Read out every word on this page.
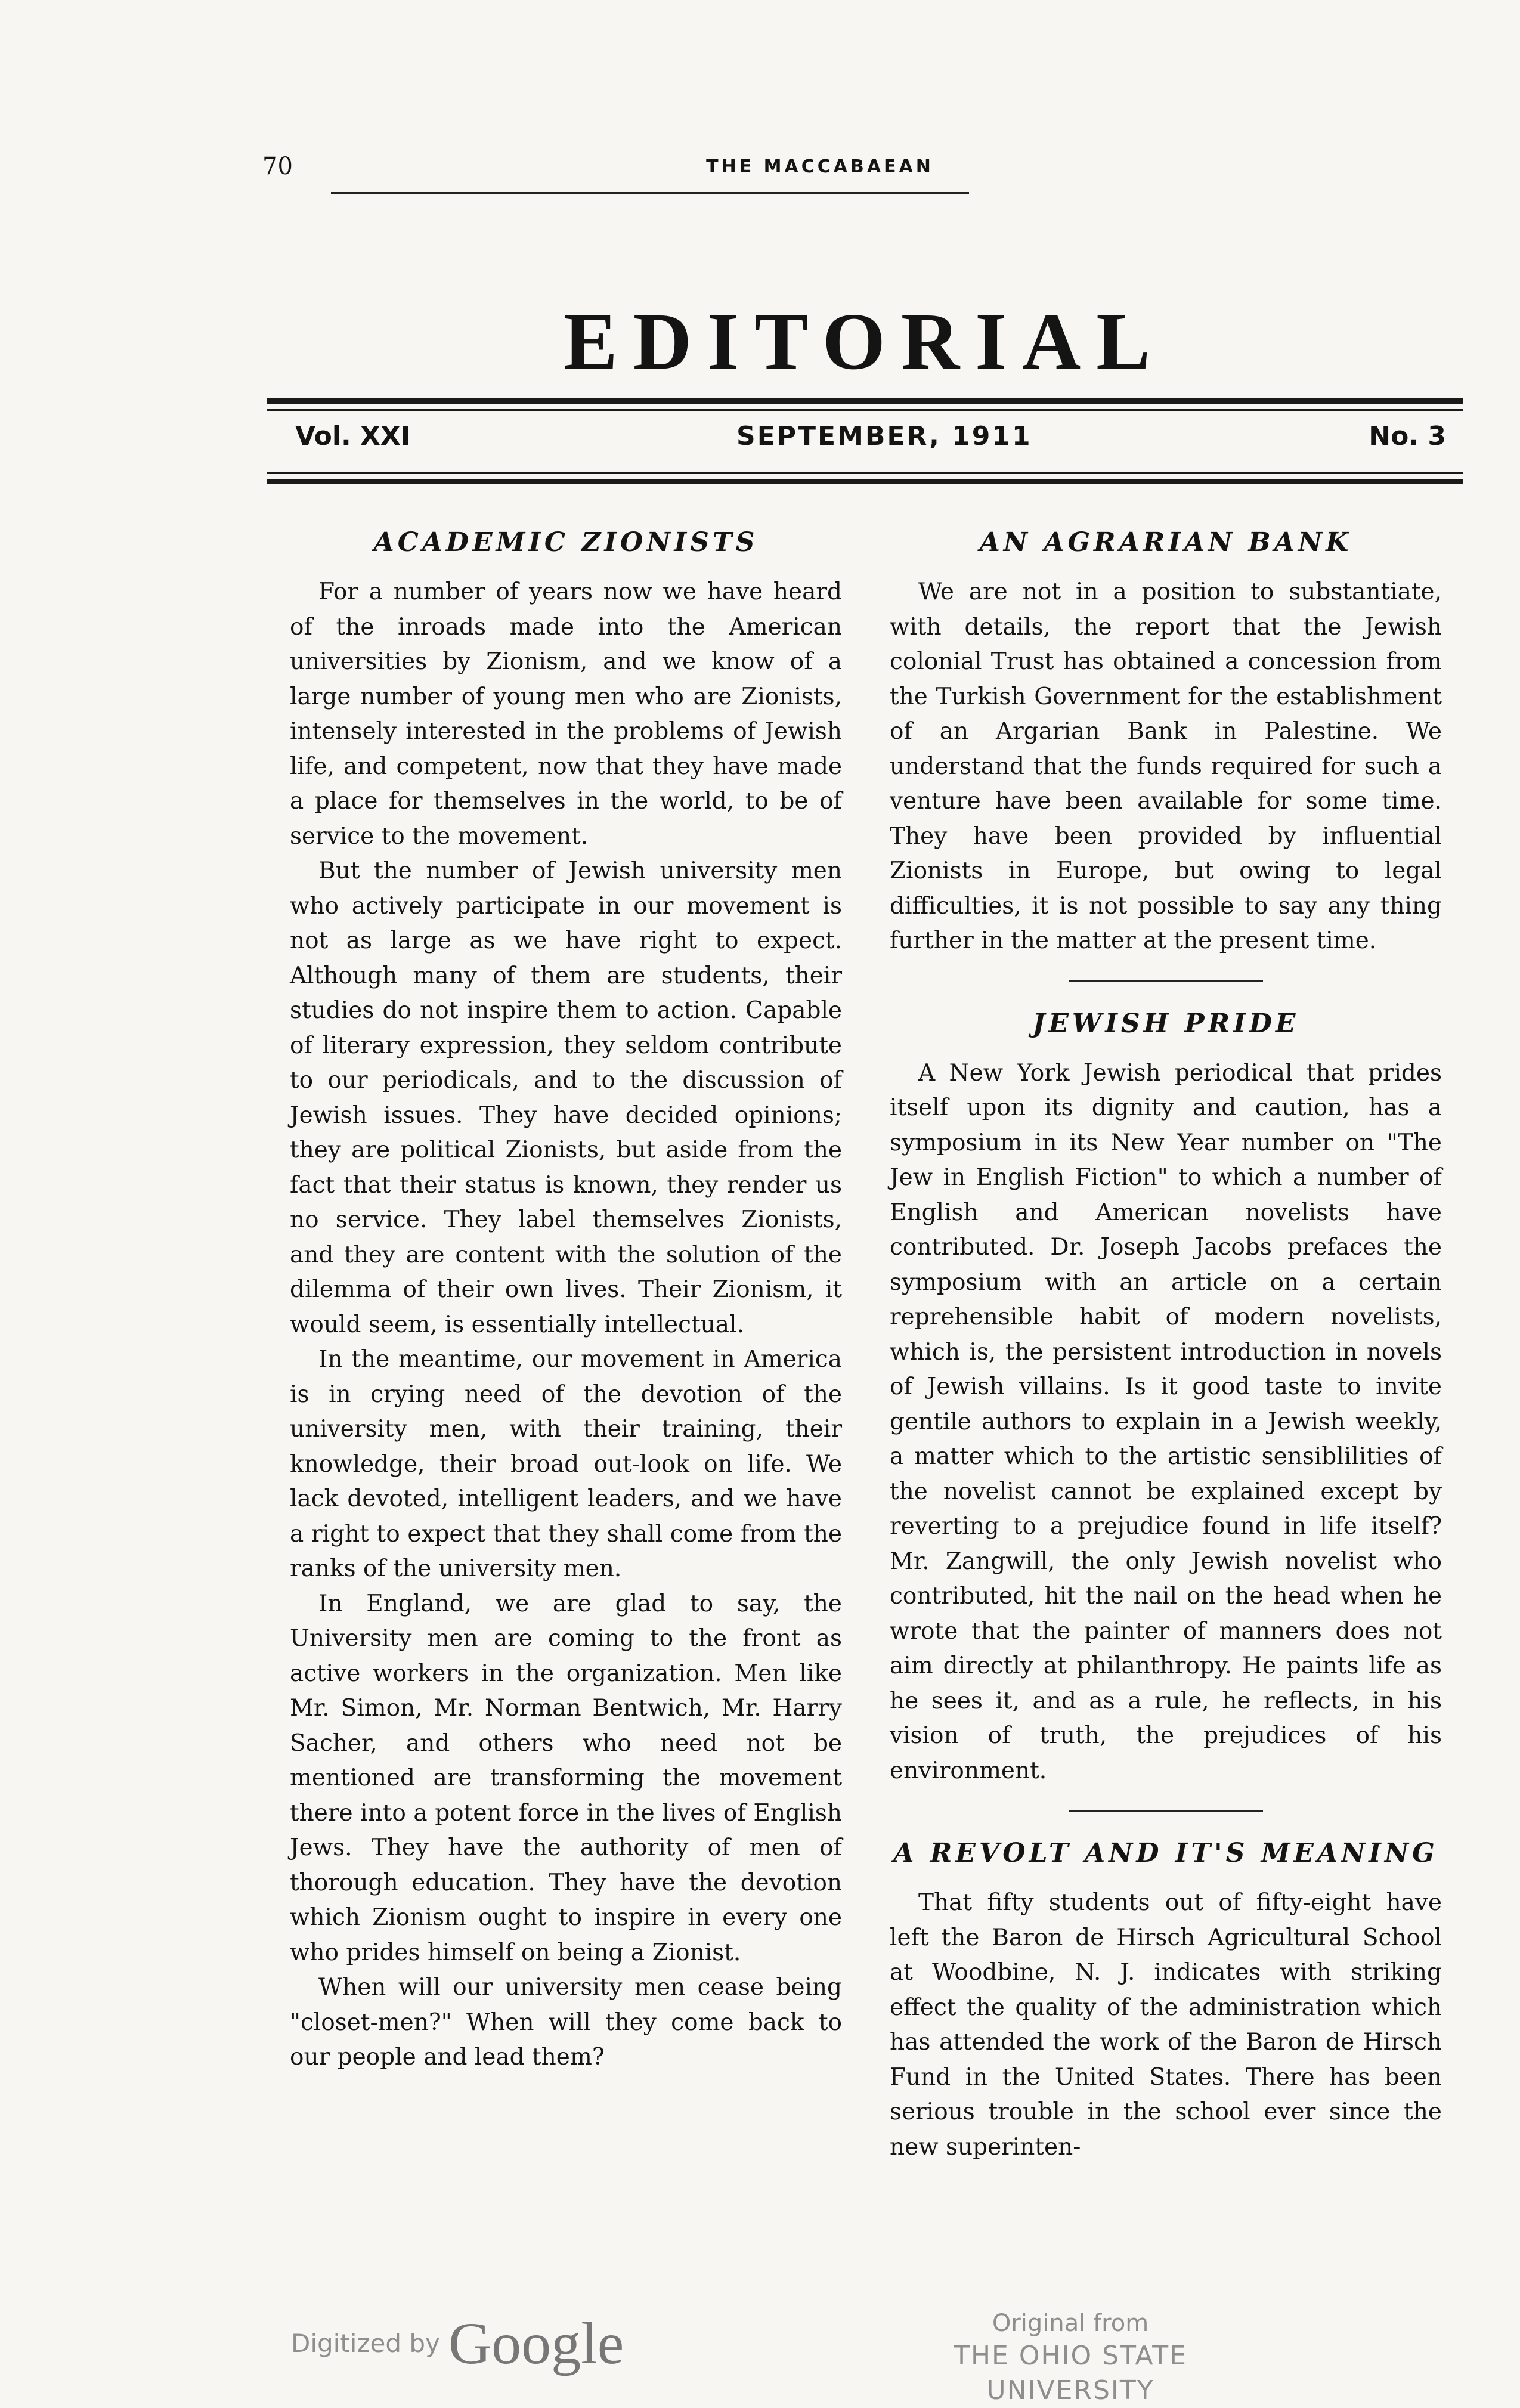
70	THE MACCABAEAN
EDITORIAL
Vol. XXI	SEPTEMBER, 1911	No. 3
ACADEMIC ZIONISTS

For a number of years now we have heard of the inroads made into the American universities by Zionism, and we know of a large number of young men who are Zionists, intensely interested in the problems of Jewish life, and competent, now that they have made a place for themselves in the world, to be of service to the movement.

But the number of Jewish university men who actively participate in our movement is not as large as we have right to expect. Although many of them are students, their studies do not inspire them to action. Capable of literary expression, they seldom contribute to our periodicals, and to the discussion of Jewish issues. They have decided opinions; they are political Zionists, but aside from the fact that their status is known, they render us no service. They label themselves Zionists, and they are content with the solution of the dilemma of their own lives. Their Zionism, it would seem, is essentially intellectual.

In the meantime, our movement in America is in crying need of the devotion of the university men, with their training, their knowledge, their broad out-look on life. We lack devoted, intelligent leaders, and we have a right to expect that they shall come from the ranks of the university men.

In England, we are glad to say, the University men are coming to the front as active workers in the organization. Men like Mr. Simon, Mr. Norman Bentwich, Mr. Harry Sacher, and others who need not be mentioned are transforming the movement there into a potent force in the lives of English Jews. They have the authority of men of thorough education. They have the devotion which Zionism ought to inspire in every one who prides himself on being a Zionist.

When will our university men cease being "closet-men?" When will they come back to our people and lead them?

AN AGRARIAN BANK

We are not in a position to substantiate, with details, the report that the Jewish colonial Trust has obtained a concession from the Turkish Government for the establishment of an Argarian Bank in Palestine. We understand that the funds required for such a venture have been available for some time. They have been provided by influential Zionists in Europe, but owing to legal difficulties, it is not possible to say any thing further in the matter at the present time.

JEWISH PRIDE

A New York Jewish periodical that prides itself upon its dignity and caution, has a symposium in its New Year number on "The Jew in English Fiction" to which a number of English and American novelists have contributed. Dr. Joseph Jacobs prefaces the symposium with an article on a certain reprehensible habit of modern novelists, which is, the persistent introduction in novels of Jewish villains. Is it good taste to invite gentile authors to explain in a Jewish weekly, a matter which to the artistic sensiblilities of the novelist cannot be explained except by reverting to a prejudice found in life itself? Mr. Zangwill, the only Jewish novelist who contributed, hit the nail on the head when he wrote that the painter of manners does not aim directly at philanthropy. He paints life as he sees it, and as a rule, he reflects, in his vision of truth, the prejudices of his environment.

A REVOLT AND IT'S MEANING

That fifty students out of fifty-eight have left the Baron de Hirsch Agricultural School at Woodbine, N. J. indicates with striking effect the quality of the administration which has attended the work of the Baron de Hirsch Fund in the United States. There has been serious trouble in the school ever since the new superinten-

Digitized by Google	Original from
THE OHIO STATE UNIVERSITY
